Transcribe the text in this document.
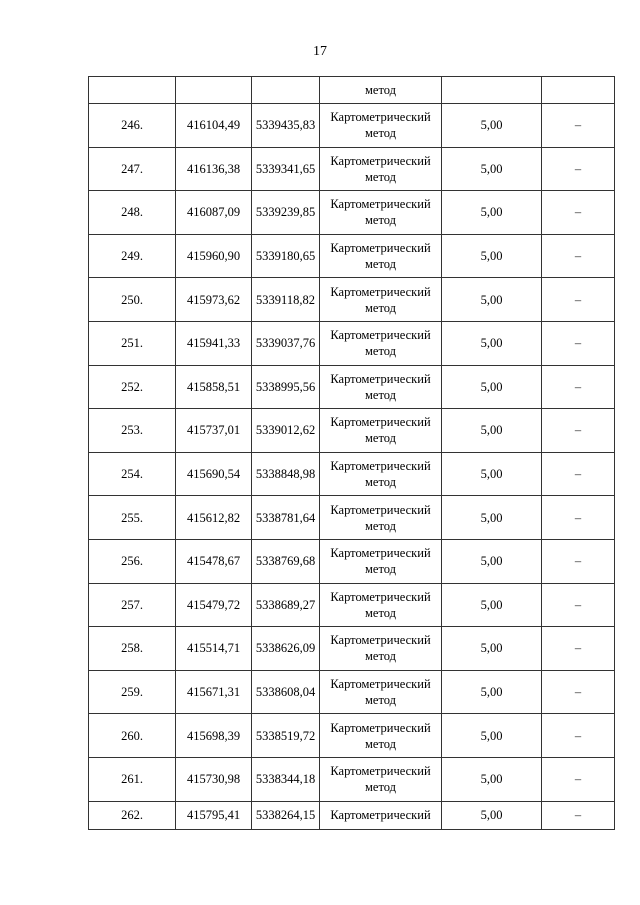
17
			метод		
246.	416104,49	5339435,83	Картометрический метод	5,00	–
247.	416136,38	5339341,65	Картометрический метод	5,00	–
248.	416087,09	5339239,85	Картометрический метод	5,00	–
249.	415960,90	5339180,65	Картометрический метод	5,00	–
250.	415973,62	5339118,82	Картометрический метод	5,00	–
251.	415941,33	5339037,76	Картометрический метод	5,00	–
252.	415858,51	5338995,56	Картометрический метод	5,00	–
253.	415737,01	5339012,62	Картометрический метод	5,00	–
254.	415690,54	5338848,98	Картометрический метод	5,00	–
255.	415612,82	5338781,64	Картометрический метод	5,00	–
256.	415478,67	5338769,68	Картометрический метод	5,00	–
257.	415479,72	5338689,27	Картометрический метод	5,00	–
258.	415514,71	5338626,09	Картометрический метод	5,00	–
259.	415671,31	5338608,04	Картометрический метод	5,00	–
260.	415698,39	5338519,72	Картометрический метод	5,00	–
261.	415730,98	5338344,18	Картометрический метод	5,00	–
262.	415795,41	5338264,15	Картометрический	5,00	–
